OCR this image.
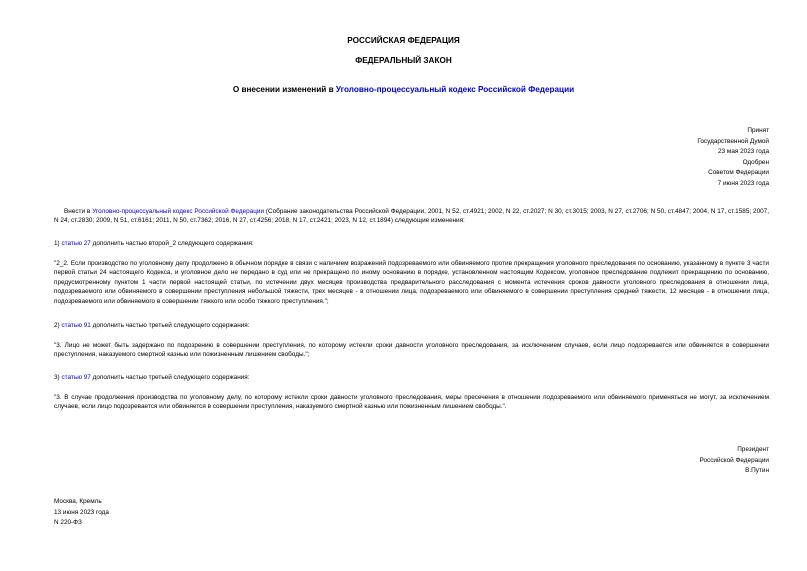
РОССИЙСКАЯ ФЕДЕРАЦИЯ
ФЕДЕРАЛЬНЫЙ ЗАКОН
О внесении изменений в Уголовно-процессуальный кодекс Российской Федерации
Принят
Государственной Думой
23 мая 2023 года
Одобрен
Советом Федерации
7 июня 2023 года
Внести в Уголовно-процессуальный кодекс Российской Федерации (Собрание законодательства Российской Федерации, 2001, N 52, ст.4921; 2002, N 22, ст.2027; N 30, ст.3015; 2003, N 27, ст.2706; N 50, ст.4847; 2004, N 17, ст.1585; 2007, N 24, ст.2830; 2009, N 51, ст.6161; 2011, N 50, ст.7362; 2016, N 27, ст.4256; 2018, N 17, ст.2421; 2023, N 12, ст.1894) следующие изменения:
1) статью 27 дополнить частью второй_2 следующего содержания:
"2_2. Если производство по уголовному делу продолжено в обычном порядке в связи с наличием возражений подозреваемого или обвиняемого против прекращения уголовного преследования по основанию, указанному в пункте 3 части первой статьи 24 настоящего Кодекса, и уголовное дело не передано в суд или не прекращено по иному основанию в порядке, установленном настоящим Кодексом, уголовное преследование подлежит прекращению по основанию, предусмотренному пунктом 1 части первой настоящей статьи, по истечении двух месяцев производства предварительного расследования с момента истечения сроков давности уголовного преследования в отношении лица, подозреваемого или обвиняемого в совершении преступления небольшой тяжести, трех месяцев - в отношении лица, подозреваемого или обвиняемого в совершении преступления средней тяжести, 12 месяцев - в отношении лица, подозреваемого или обвиняемого в совершении тяжкого или особо тяжкого преступления.";
2) статью 91 дополнить частью третьей следующего содержания:
"3. Лицо не может быть задержано по подозрению в совершении преступления, по которому истекли сроки давности уголовного преследования, за исключением случаев, если лицо подозревается или обвиняется в совершении преступления, наказуемого смертной казнью или пожизненным лишением свободы.";
3) статью 97 дополнить частью третьей следующего содержания:
"3. В случае продолжения производства по уголовному делу, по которому истекли сроки давности уголовного преследования, меры пресечения в отношении подозреваемого или обвиняемого применяться не могут, за исключением случаев, если лицо подозревается или обвиняется в совершении преступления, наказуемого смертной казнью или пожизненным лишением свободы.".
Президент
Российской Федерации
В.Путин
Москва, Кремль
13 июня 2023 года
N 220-ФЗ
